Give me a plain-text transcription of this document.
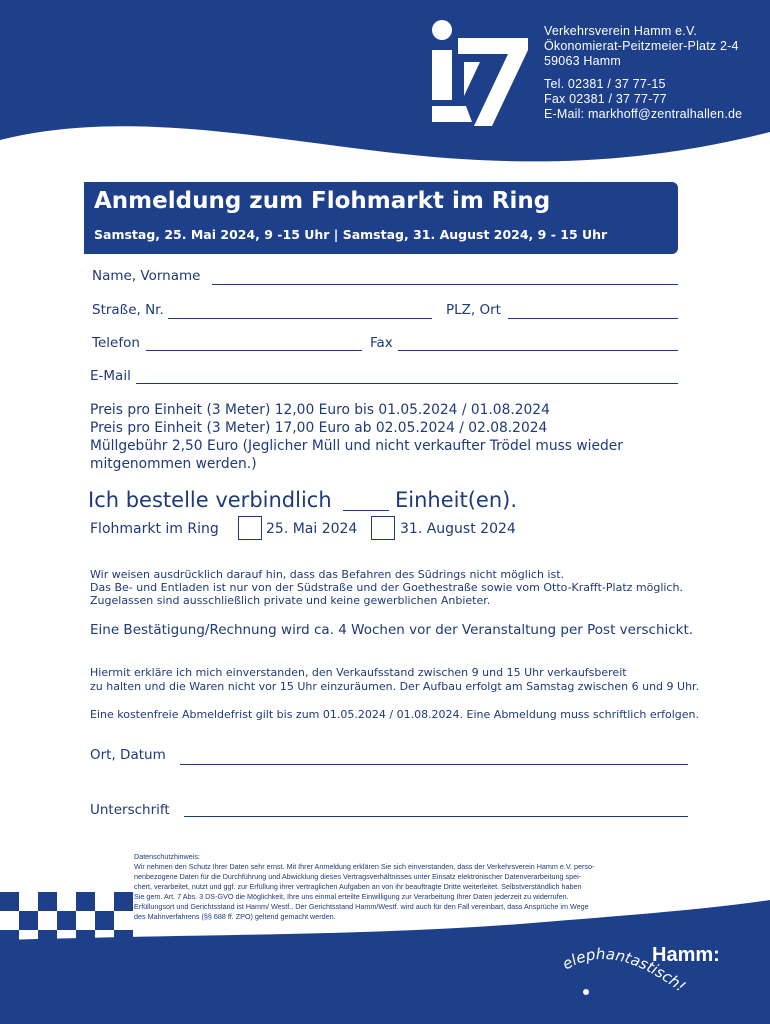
Verkehrsverein Hamm e.V.
Ökonomierat-Peitzmeier-Platz 2-4
59063 Hamm
Tel. 02381 / 37 77-15
Fax 02381 / 37 77-77
E-Mail: markhoff@zentralhallen.de
Anmeldung zum Flohmarkt im Ring
Samstag, 25. Mai 2024, 9 -15 Uhr | Samstag, 31. August 2024, 9 - 15 Uhr
Name, Vorname
Straße, Nr.	PLZ, Ort
Telefon	Fax
E-Mail
Preis pro Einheit (3 Meter) 12,00 Euro bis 01.05.2024 / 01.08.2024
Preis pro Einheit (3 Meter) 17,00 Euro ab 02.05.2024 / 02.08.2024
Müllgebühr 2,50 Euro (Jeglicher Müll und nicht verkaufter Trödel muss wieder
mitgenommen werden.)
Ich bestelle verbindlich	Einheit(en).
Flohmarkt im Ring	25. Mai 2024	31. August 2024
Wir weisen ausdrücklich darauf hin, dass das Befahren des Südrings nicht möglich ist.
Das Be- und Entladen ist nur von der Südstraße und der Goethestraße sowie vom Otto-Krafft-Platz möglich.
Zugelassen sind ausschließlich private und keine gewerblichen Anbieter.
Eine Bestätigung/Rechnung wird ca. 4 Wochen vor der Veranstaltung per Post verschickt.
Hiermit erkläre ich mich einverstanden, den Verkaufsstand zwischen 9 und 15 Uhr verkaufsbereit
zu halten und die Waren nicht vor 15 Uhr einzuräumen. Der Aufbau erfolgt am Samstag zwischen 6 und 9 Uhr.
Eine kostenfreie Abmeldefrist gilt bis zum 01.05.2024 / 01.08.2024. Eine Abmeldung muss schriftlich erfolgen.
Ort, Datum
Unterschrift
Datenschutzhinweis:
Wir nehmen den Schutz Ihrer Daten sehr ernst. Mit Ihrer Anmeldung erklären Sie sich einverstanden, dass der Verkehrsverein Hamm e.V. perso-
nenbezogene Daten für die Durchführung und Abwicklung dieses Vertragsverhältnisses unter Einsatz elektronischer Datenverarbeitung spei-
chert, verarbeitet, nutzt und ggf. zur Erfüllung ihrer vertraglichen Aufgaben an von ihr beauftragte Dritte weiterleitet. Selbstverständlich haben
Sie gem. Art. 7 Abs. 3 DS-GVO die Möglichkeit, Ihre uns einmal erteilte Einwilligung zur Verarbeitung Ihrer Daten jederzeit zu widerrufen.
Erfüllungsort und Gerichtsstand ist Hamm/ Westf.. Der Gerichtsstand Hamm/Westf. wird auch für den Fall vereinbart, dass Ansprüche im Wege
des Mahnverfahrens (§§ 688 ff. ZPO) geltend gemacht werden.
elephantastisch!
Hamm:
